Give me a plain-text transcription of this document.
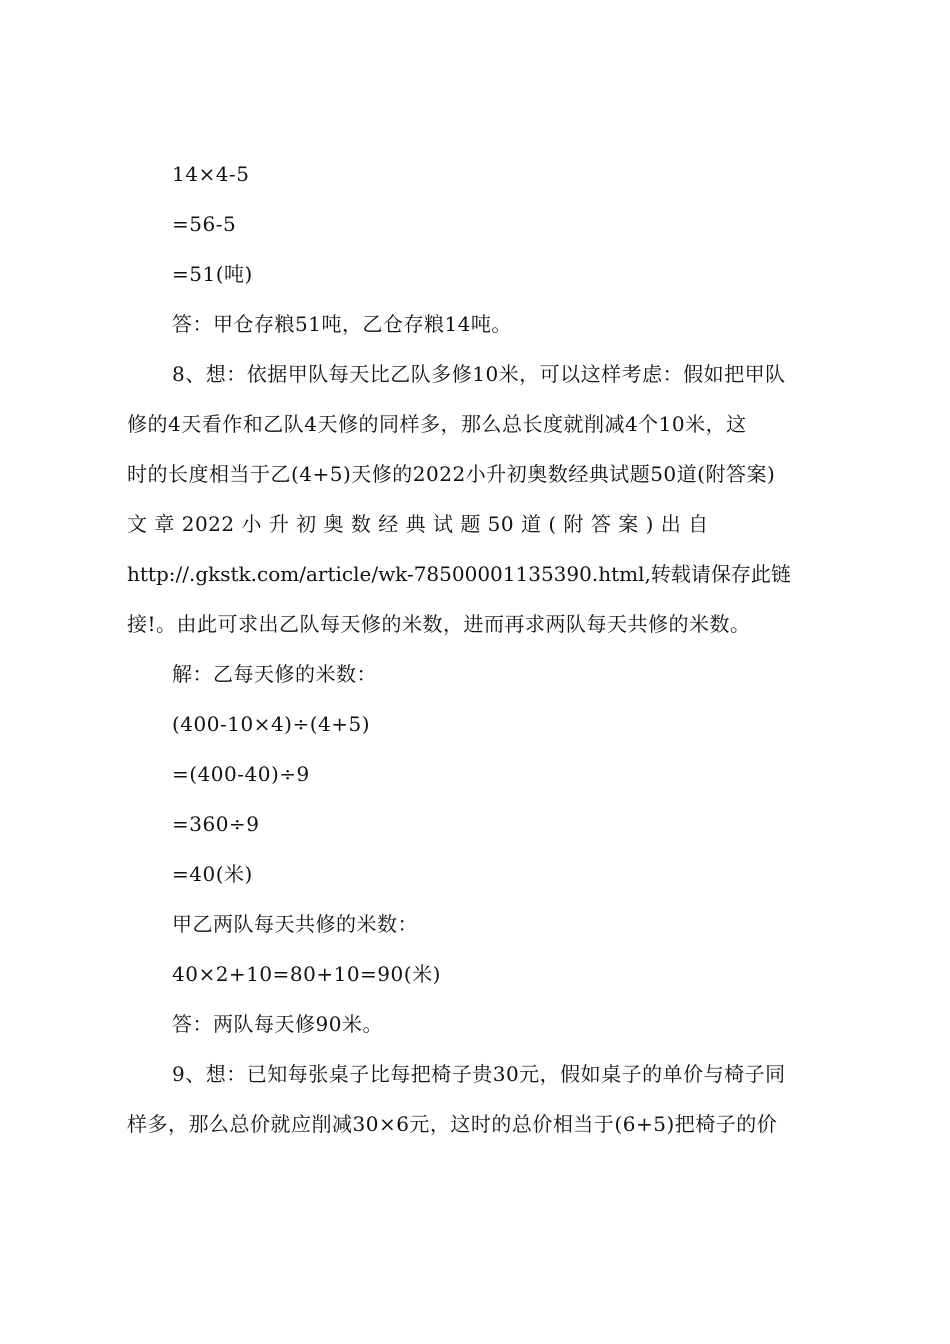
14×4-5
=56-5
=51(吨)
答：甲仓存粮51吨，乙仓存粮14吨。
8、想：依据甲队每天比乙队多修10米，可以这样考虑：假如把甲队
修的4天看作和乙队4天修的同样多，那么总长度就削减4个10米，这
时的长度相当于乙(4+5)天修的2022小升初奥数经典试题50道(附答案)
文 章 2022 小 升 初 奥 数 经 典 试 题 50 道 ( 附 答 案 ) 出 自
http://.gkstk.com/article/wk-78500001135390.html,转载请保存此链
接!。由此可求出乙队每天修的米数，进而再求两队每天共修的米数。
解：乙每天修的米数：
(400-10×4)÷(4+5)
=(400-40)÷9
=360÷9
=40(米)
甲乙两队每天共修的米数：
40×2+10=80+10=90(米)
答：两队每天修90米。
9、想：已知每张桌子比每把椅子贵30元，假如桌子的单价与椅子同
样多，那么总价就应削减30×6元，这时的总价相当于(6+5)把椅子的价
